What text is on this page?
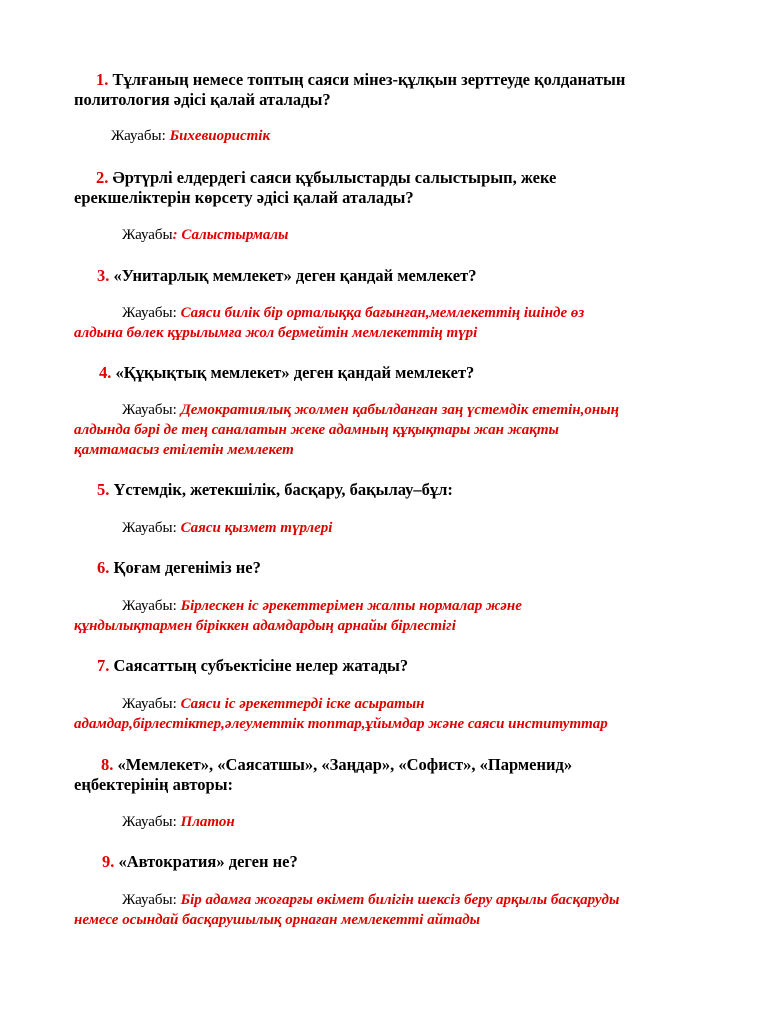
1. Тұлғаның немесе топтың саяси мінез-құлқын зерттеуде қолданатын
политология әдісі қалай аталады?
Жауабы: Бихевиористік
2. Әртүрлі елдердегі саяси құбылыстарды салыстырып, жеке
ерекшеліктерін көрсету әдісі қалай аталады?
Жауабы: Салыстырмалы
3. «Унитарлық мемлекет» деген қандай мемлекет?
Жауабы: Саяси билік бір орталыққа бағынған,мемлекеттің ішінде өз
алдына бөлек құрылымға жол бермейтін мемлекеттің түрі
4. «Құқықтық мемлекет» деген қандай мемлекет?
Жауабы: Демократиялық жолмен қабылданған заң үстемдік ететін,оның
алдында бәрі де тең саналатын жеке адамның құқықтары жан жақты
қамтамасыз етілетін мемлекет
5. Үстемдік, жетекшілік, басқару, бақылау–бұл:
Жауабы: Саяси қызмет түрлері
6. Қоғам дегеніміз не?
Жауабы: Бірлескен іс әрекеттерімен жалпы нормалар және
құндылықтармен біріккен адамдардың арнайы бірлестігі
7. Саясаттың субъектісіне нелер жатады?
Жауабы: Саяси іс әрекеттерді іске асыратын
адамдар,бірлестіктер,әлеуметтік топтар,ұйымдар және саяси институттар
8. «Мемлекет», «Саясатшы», «Заңдар», «Софист», «Парменид»
еңбектерінің авторы:
Жауабы: Платон
9. «Автократия» деген не?
Жауабы: Бір адамға жоғарғы өкімет билігін шексіз беру арқылы басқаруды
немесе осындай басқарушылық орнаған мемлекетті айтады
